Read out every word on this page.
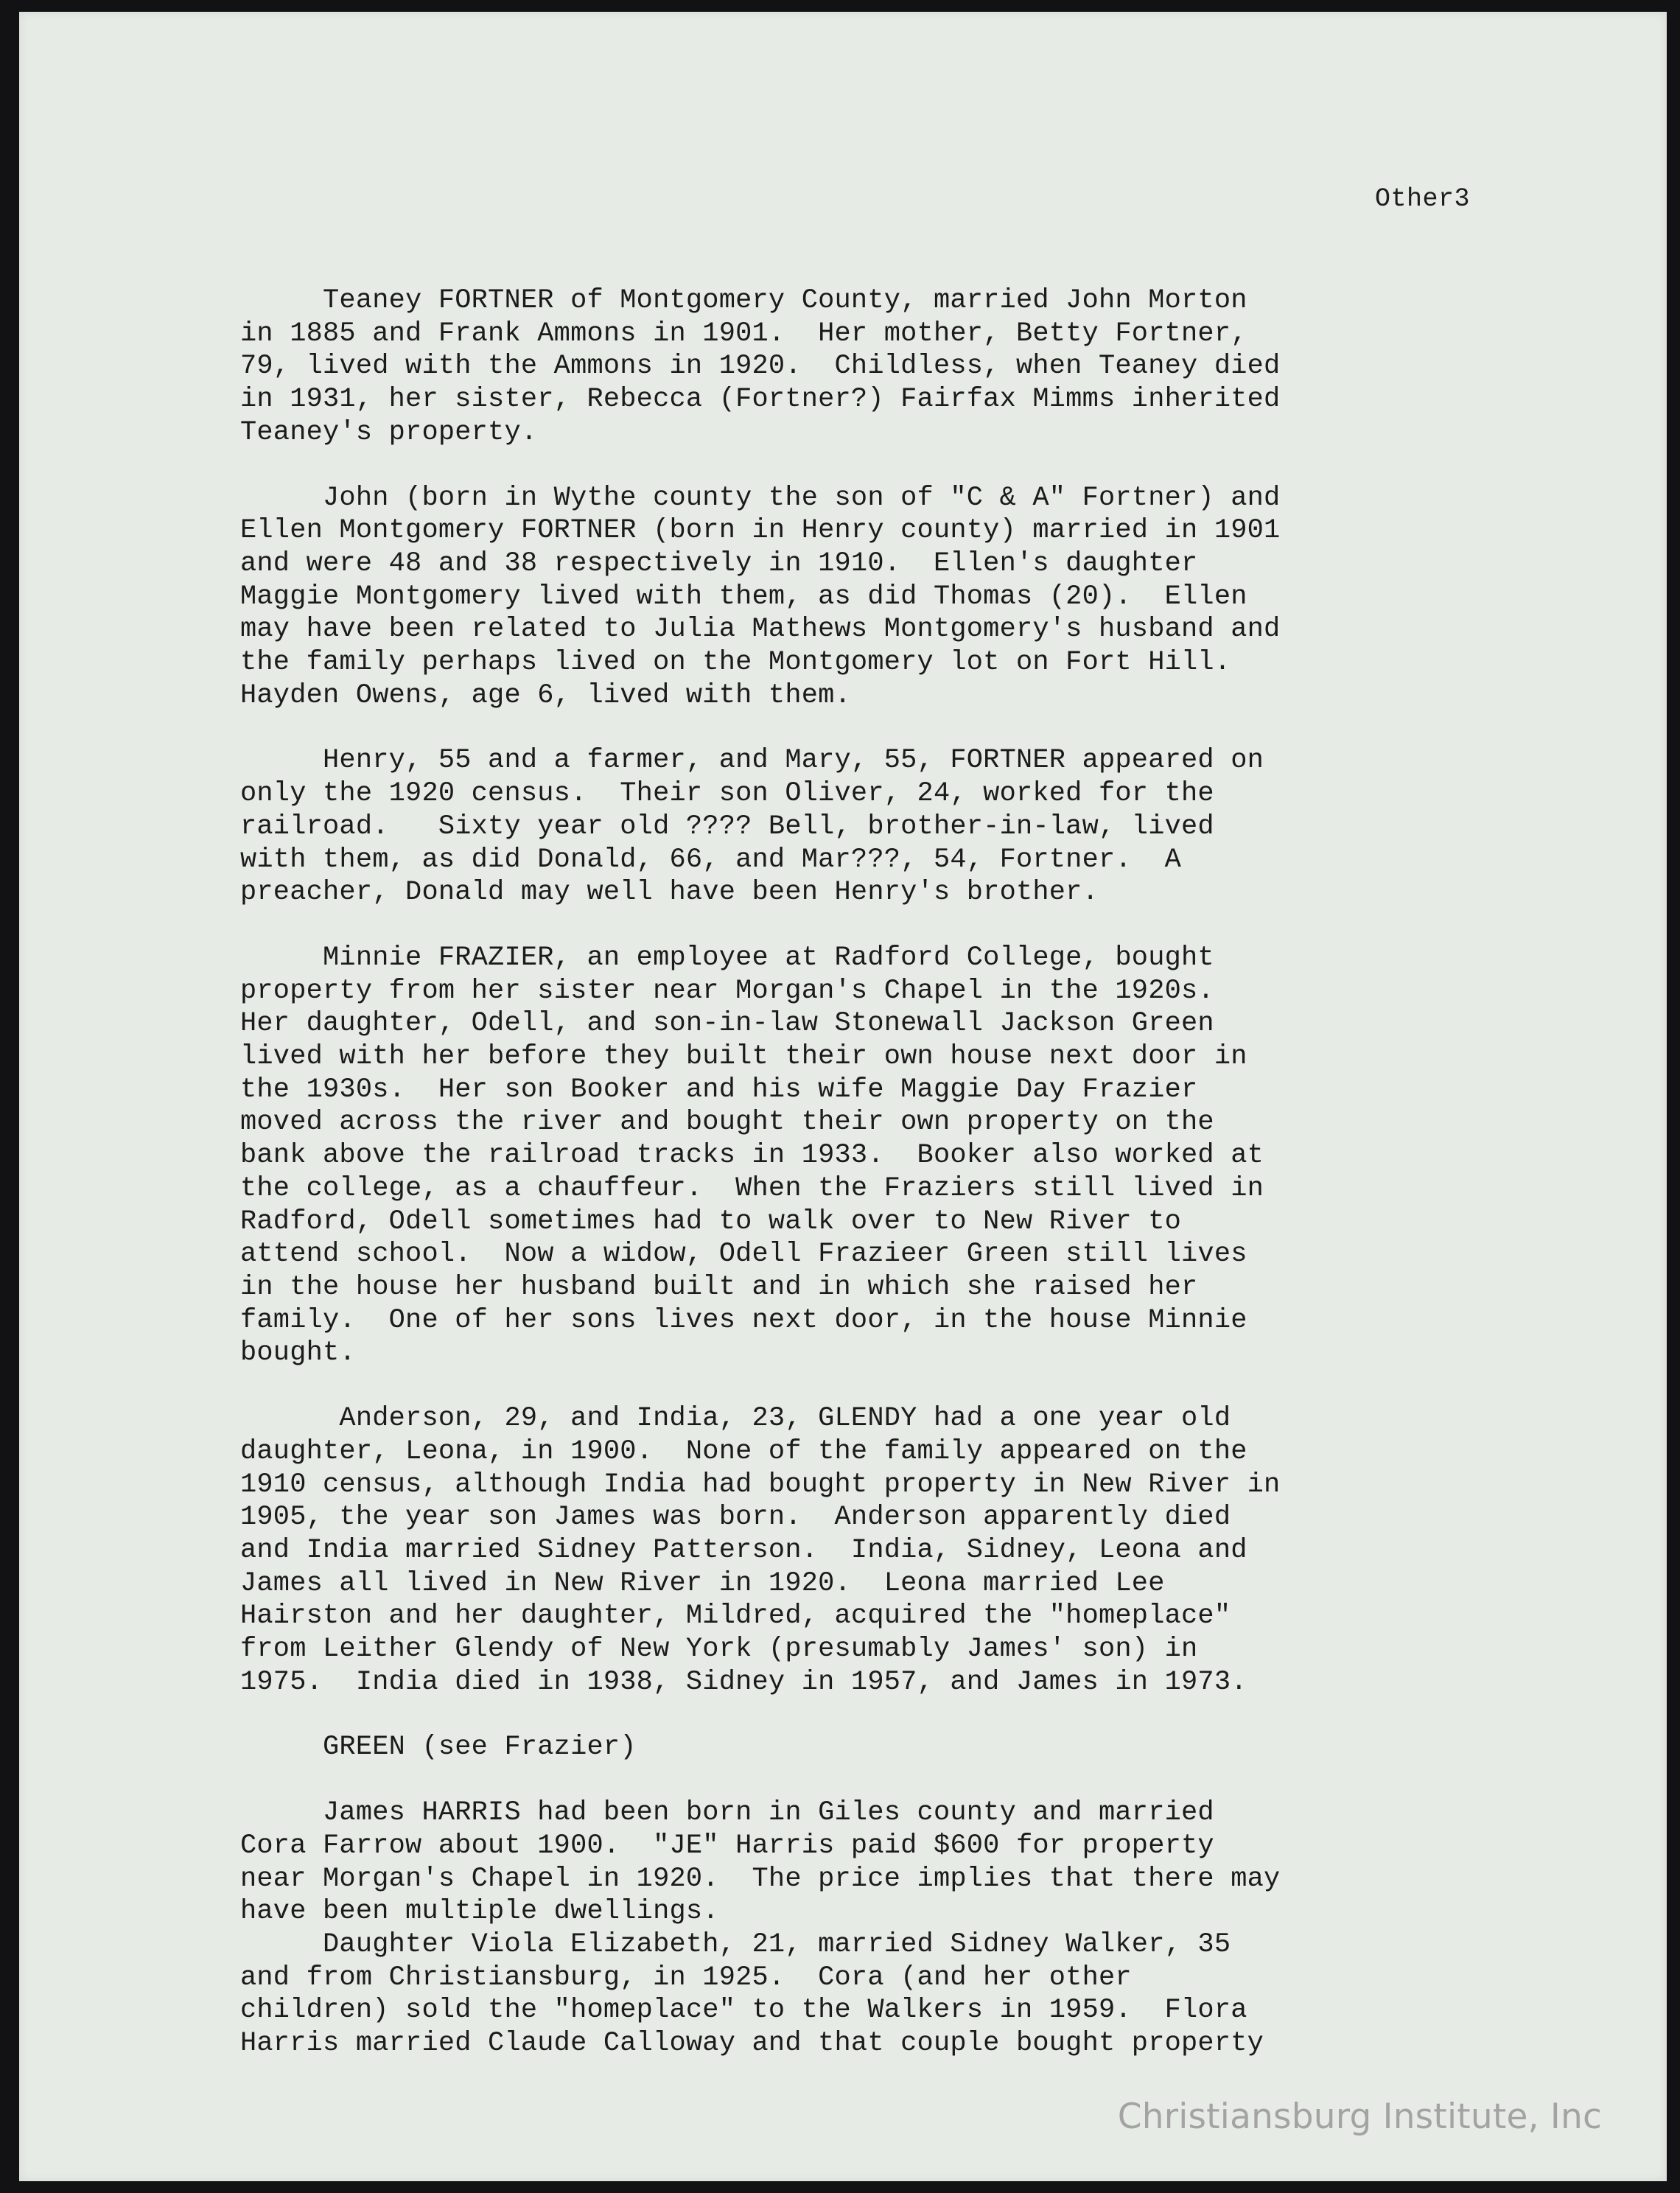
Other3

Teaney FORTNER of Montgomery County, married John Morton
in 1885 and Frank Ammons in 1901.  Her mother, Betty Fortner,
79, lived with the Ammons in 1920.  Childless, when Teaney died
in 1931, her sister, Rebecca (Fortner?) Fairfax Mimms inherited
Teaney's property.
John (born in Wythe county the son of "C & A" Fortner) and
Ellen Montgomery FORTNER (born in Henry county) married in 1901
and were 48 and 38 respectively in 1910.  Ellen's daughter
Maggie Montgomery lived with them, as did Thomas (20).  Ellen
may have been related to Julia Mathews Montgomery's husband and
the family perhaps lived on the Montgomery lot on Fort Hill.
Hayden Owens, age 6, lived with them.
Henry, 55 and a farmer, and Mary, 55, FORTNER appeared on
only the 1920 census.  Their son Oliver, 24, worked for the
railroad.   Sixty year old ???? Bell, brother-in-law, lived
with them, as did Donald, 66, and Mar???, 54, Fortner.  A
preacher, Donald may well have been Henry's brother.
Minnie FRAZIER, an employee at Radford College, bought
property from her sister near Morgan's Chapel in the 1920s.
Her daughter, Odell, and son-in-law Stonewall Jackson Green
lived with her before they built their own house next door in
the 1930s.  Her son Booker and his wife Maggie Day Frazier
moved across the river and bought their own property on the
bank above the railroad tracks in 1933.  Booker also worked at
the college, as a chauffeur.  When the Fraziers still lived in
Radford, Odell sometimes had to walk over to New River to
attend school.  Now a widow, Odell Frazieer Green still lives
in the house her husband built and in which she raised her
family.  One of her sons lives next door, in the house Minnie
bought.
Anderson, 29, and India, 23, GLENDY had a one year old
daughter, Leona, in 1900.  None of the family appeared on the
1910 census, although India had bought property in New River in
1905, the year son James was born.  Anderson apparently died
and India married Sidney Patterson.  India, Sidney, Leona and
James all lived in New River in 1920.  Leona married Lee
Hairston and her daughter, Mildred, acquired the "homeplace"
from Leither Glendy of New York (presumably James' son) in
1975.  India died in 1938, Sidney in 1957, and James in 1973.
GREEN (see Frazier)
James HARRIS had been born in Giles county and married
Cora Farrow about 1900.  "JE" Harris paid $600 for property
near Morgan's Chapel in 1920.  The price implies that there may
have been multiple dwellings.
Daughter Viola Elizabeth, 21, married Sidney Walker, 35
and from Christiansburg, in 1925.  Cora (and her other
children) sold the "homeplace" to the Walkers in 1959.  Flora
Harris married Claude Calloway and that couple bought property
Christiansburg Institute, Inc
